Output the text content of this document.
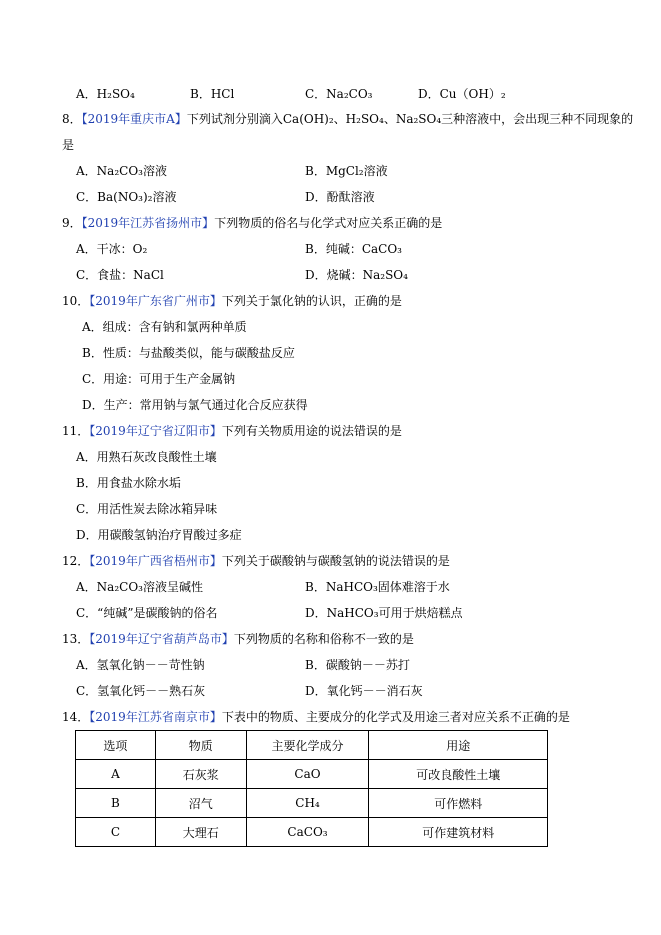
A．H₂SO₄	B．HCl	C．Na₂CO₃	D．Cu（OH）₂
8．【2019年重庆市A】下列试剂分别滴入Ca(OH)₂、H₂SO₄、Na₂SO₄三种溶液中，会出现三种不同现象的
是
A．Na₂CO₃溶液	B．MgCl₂溶液
C．Ba(NO₃)₂溶液	D．酚酞溶液
9．【2019年江苏省扬州市】下列物质的俗名与化学式对应关系正确的是
A．干冰：O₂	B．纯碱：CaCO₃
C．食盐：NaCl	D．烧碱：Na₂SO₄
10．【2019年广东省广州市】下列关于氯化钠的认识，正确的是
A．组成：含有钠和氯两种单质
B．性质：与盐酸类似，能与碳酸盐反应
C．用途：可用于生产金属钠
D．生产：常用钠与氯气通过化合反应获得
11．【2019年辽宁省辽阳市】下列有关物质用途的说法错误的是
A．用熟石灰改良酸性土壤
B．用食盐水除水垢
C．用活性炭去除冰箱异味
D．用碳酸氢钠治疗胃酸过多症
12．【2019年广西省梧州市】下列关于碳酸钠与碳酸氢钠的说法错误的是
A．Na₂CO₃溶液呈碱性	B．NaHCO₃固体难溶于水
C．“纯碱”是碳酸钠的俗名	D．NaHCO₃可用于烘焙糕点
13．【2019年辽宁省葫芦岛市】下列物质的名称和俗称不一致的是
A．氢氧化钠－－苛性钠	B．碳酸钠－－苏打
C．氢氧化钙－－熟石灰	D．氧化钙－－消石灰
14．【2019年江苏省南京市】下表中的物质、主要成分的化学式及用途三者对应关系不正确的是
选项	物质	主要化学成分	用途
A	石灰浆	CaO	可改良酸性土壤
B	沼气	CH₄	可作燃料
C	大理石	CaCO₃	可作建筑材料
